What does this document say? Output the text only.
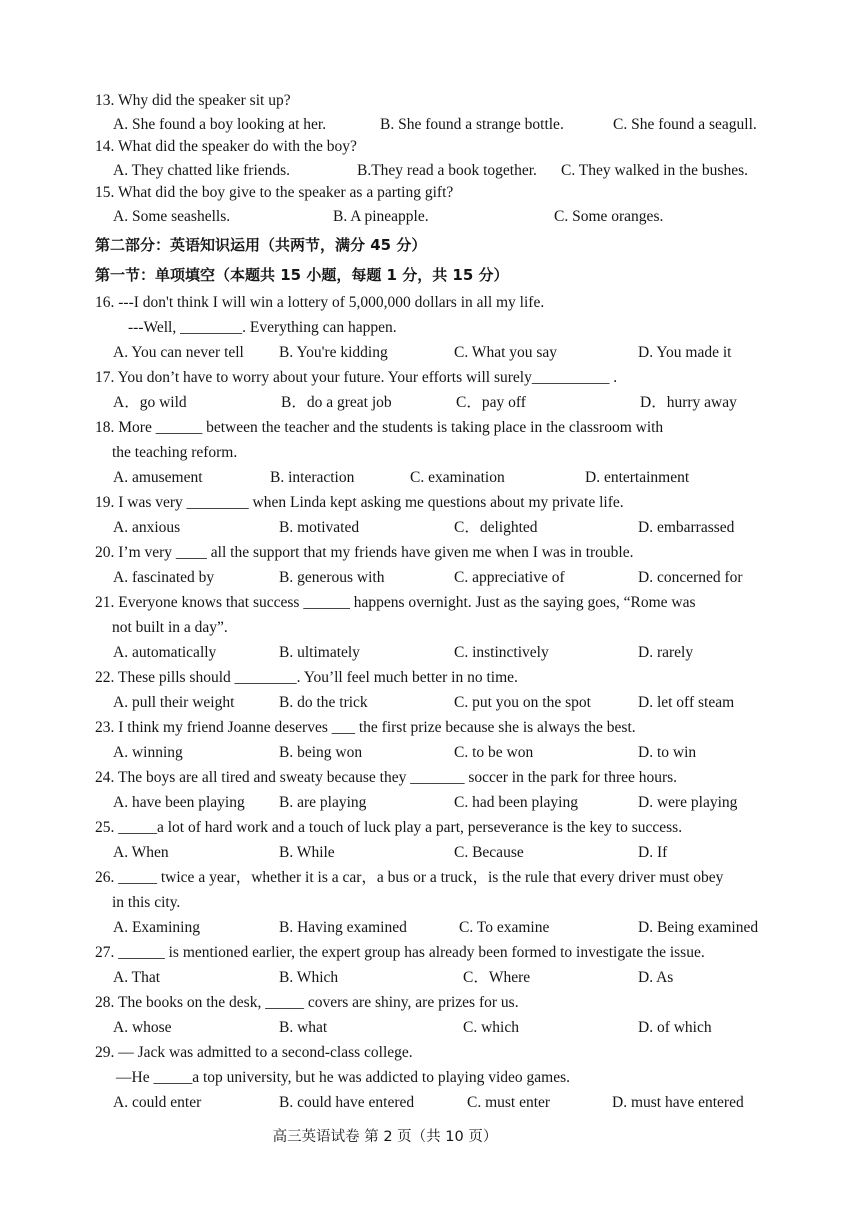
13. Why did the speaker sit up?
14. What did the speaker do with the boy?
15. What did the boy give to the speaker as a parting gift?
第二部分：英语知识运用（共两节，满分 45 分）
第一节：单项填空（本题共 15 小题，每题 1 分，共 15 分）
16. ---I don't think I will win a lottery of 5,000,000 dollars in all my life.
---Well, ________. Everything can happen.
17. You don’t have to worry about your future. Your efforts will surely__________ .
18. More ______ between the teacher and the students is taking place in the classroom with
the teaching reform.
19. I was very ________ when Linda kept asking me questions about my private life.
20. I’m very ____ all the support that my friends have given me when I was in trouble.
21. Everyone knows that success ______ happens overnight. Just as the saying goes, “Rome was
not built in a day”.
22. These pills should ________. You’ll feel much better in no time.
23. I think my friend Joanne deserves ___ the first prize because she is always the best.
24. The boys are all tired and sweaty because they _______ soccer in the park for three hours.
25. _____a lot of hard work and a touch of luck play a part, perseverance is the key to success.
26. _____ twice a year，whether it is a car，a bus or a truck，is the rule that every driver must obey
in this city.
27. ______ is mentioned earlier, the expert group has already been formed to investigate the issue.
28. The books on the desk, _____ covers are shiny, are prizes for us.
29. — Jack was admitted to a second-class college.
—He _____a top university, but he was addicted to playing video games.
A. She found a boy looking at her.	B. She found a strange bottle.	C. She found a seagull.
A. They chatted like friends.	B.They read a book together. C. They walked in the bushes.
A. Some seashells.	B. A pineapple.	C. Some oranges.
A. You can never tell B. You're kidding	C. What you say	D. You made it
A．go wild	B．do a great job	C．pay off	D．hurry away
A. amusement	B. interaction	C. examination	D. entertainment
A. anxious	B. motivated	C．delighted	D. embarrassed
A. fascinated by	B. generous with	C. appreciative of	D. concerned for
A. automatically	B. ultimately	C. instinctively	D. rarely
A. pull their weight	B. do the trick	C. put you on the spot	D. let off steam
A. winning	B. being won	C. to be won	D. to win
A. have been playing B. are playing	C. had been playing	D. were playing
A. When	B. While	C. Because	D. If
A. Examining	B. Having examined	C. To examine	D. Being examined
A. That	B. Which	C．Where	D. As
A. whose	B. what	C. which	D. of which
A. could enter	B. could have entered	C. must enter	D. must have entered
高三英语试卷 第 2 页（共 10 页）
